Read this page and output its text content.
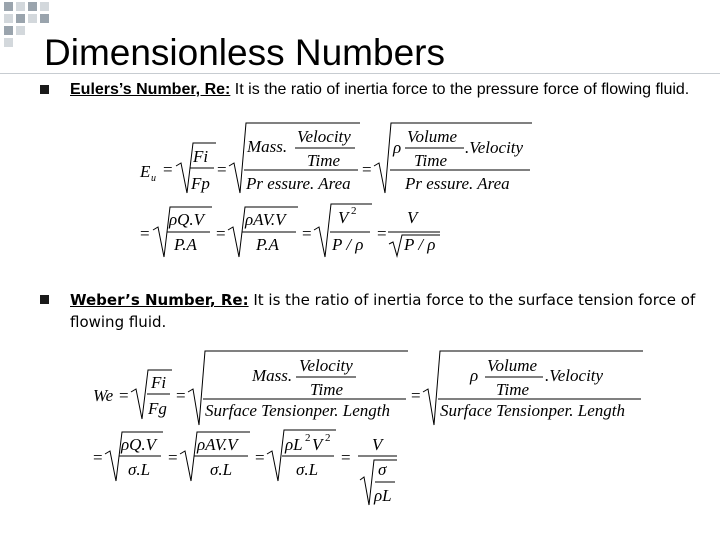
Dimensionless Numbers
Eulers’s Number, Re: It is the ratio of inertia force to the pressure force of flowing fluid.
Weber’s Number, Re: It is the ratio of inertia force to the surface tension force of flowing fluid.
E u =
Fi
Fp
=
Mass.
Velocity
Time
Pr essure. Area
=
ρ
Volume
Time
.Velocity
Pr essure. Area
=
ρQ.V
P.A
=
ρAV.V
P.A
=
V 2
P / ρ
=
V
P / ρ
We =
Fi
Fg
=
Mass.
Velocity
Time
Surface Tensionper. Length
=
ρ
Volume
Time
.Velocity
Surface Tensionper. Length
=
ρQ.V
σ.L
=
ρAV.V
σ.L
=
ρL 2 V 2
σ.L
=
V
σ
ρL
